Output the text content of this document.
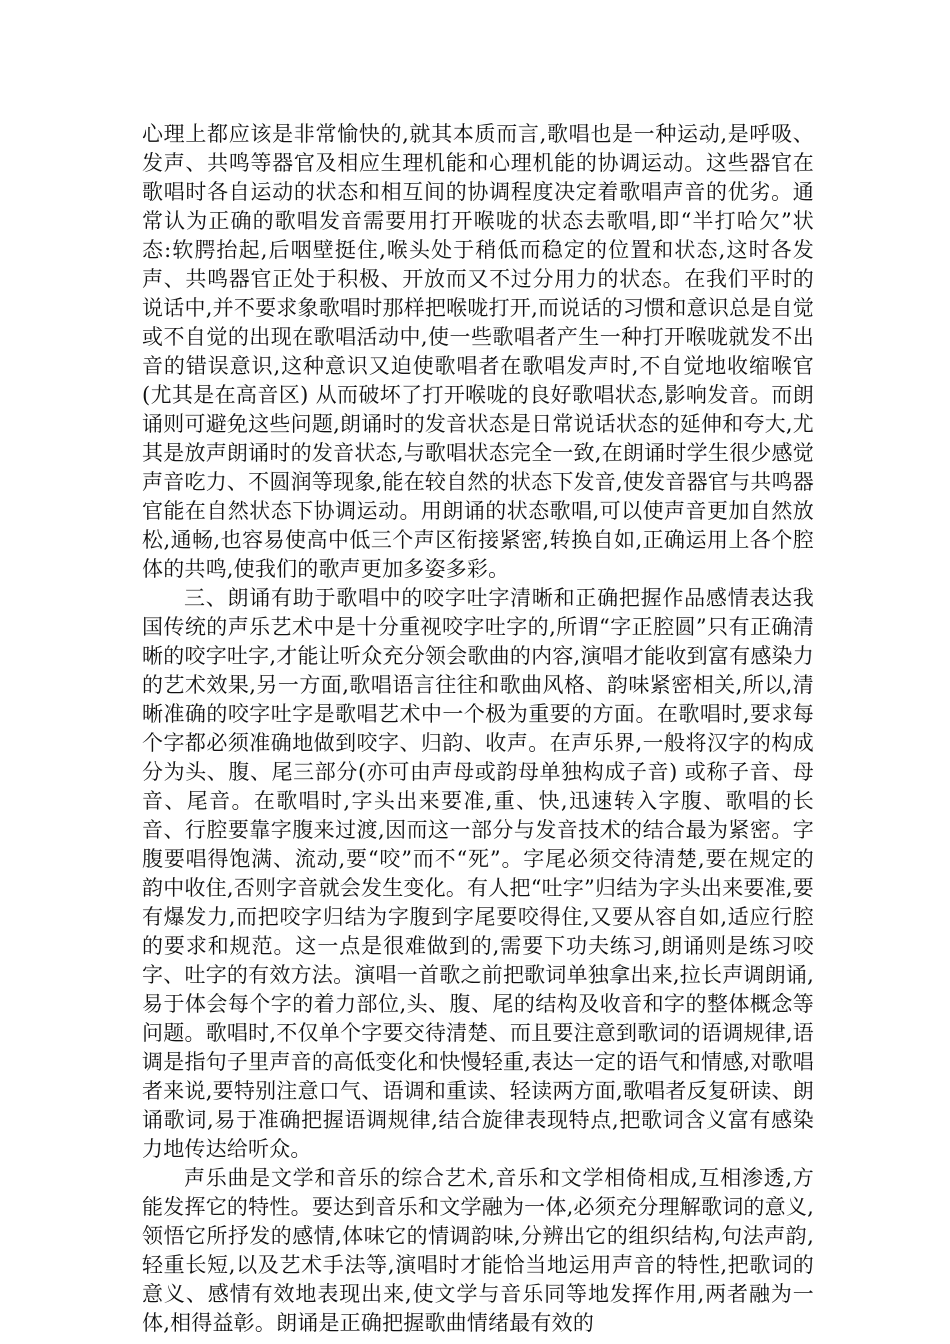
心理上都应该是非常愉快的,就其本质而言,歌唱也是一种运动,是呼吸、发声、共鸣等器官及相应生理机能和心理机能的协调运动。这些器官在歌唱时各自运动的状态和相互间的协调程度决定着歌唱声音的优劣。通常认为正确的歌唱发音需要用打开喉咙的状态去歌唱,即“半打哈欠”状态:软腭抬起,后咽壁挺住,喉头处于稍低而稳定的位置和状态,这时各发声、共鸣器官正处于积极、开放而又不过分用力的状态。在我们平时的说话中,并不要求象歌唱时那样把喉咙打开,而说话的习惯和意识总是自觉或不自觉的出现在歌唱活动中,使一些歌唱者产生一种打开喉咙就发不出音的错误意识,这种意识又迫使歌唱者在歌唱发声时,不自觉地收缩喉官(尤其是在高音区) 从而破坏了打开喉咙的良好歌唱状态,影响发音。而朗诵则可避免这些问题,朗诵时的发音状态是日常说话状态的延伸和夸大,尤其是放声朗诵时的发音状态,与歌唱状态完全一致,在朗诵时学生很少感觉声音吃力、不圆润等现象,能在较自然的状态下发音,使发音器官与共鸣器官能在自然状态下协调运动。用朗诵的状态歌唱,可以使声音更加自然放松,通畅,也容易使高中低三个声区衔接紧密,转换自如,正确运用上各个腔体的共鸣,使我们的歌声更加多姿多彩。

三、朗诵有助于歌唱中的咬字吐字清晰和正确把握作品感情表达我国传统的声乐艺术中是十分重视咬字吐字的,所谓“字正腔圆”只有正确清晰的咬字吐字,才能让听众充分领会歌曲的内容,演唱才能收到富有感染力的艺术效果,另一方面,歌唱语言往往和歌曲风格、韵味紧密相关,所以,清晰准确的咬字吐字是歌唱艺术中一个极为重要的方面。在歌唱时,要求每个字都必须准确地做到咬字、归韵、收声。在声乐界,一般将汉字的构成分为头、腹、尾三部分(亦可由声母或韵母单独构成子音) 或称子音、母音、尾音。在歌唱时,字头出来要准,重、快,迅速转入字腹、歌唱的长音、行腔要靠字腹来过渡,因而这一部分与发音技术的结合最为紧密。字腹要唱得饱满、流动,要“咬”而不“死”。字尾必须交待清楚,要在规定的韵中收住,否则字音就会发生变化。有人把“吐字”归结为字头出来要准,要有爆发力,而把咬字归结为字腹到字尾要咬得住,又要从容自如,适应行腔的要求和规范。这一点是很难做到的,需要下功夫练习,朗诵则是练习咬字、吐字的有效方法。演唱一首歌之前把歌词单独拿出来,拉长声调朗诵,易于体会每个字的着力部位,头、腹、尾的结构及收音和字的整体概念等问题。歌唱时,不仅单个字要交待清楚、而且要注意到歌词的语调规律,语调是指句子里声音的高低变化和快慢轻重,表达一定的语气和情感,对歌唱者来说,要特别注意口气、语调和重读、轻读两方面,歌唱者反复研读、朗诵歌词,易于准确把握语调规律,结合旋律表现特点,把歌词含义富有感染力地传达给听众。

声乐曲是文学和音乐的综合艺术,音乐和文学相倚相成,互相渗透,方能发挥它的特性。要达到音乐和文学融为一体,必须充分理解歌词的意义,领悟它所抒发的感情,体味它的情调韵味,分辨出它的组织结构,句法声韵,轻重长短,以及艺术手法等,演唱时才能恰当地运用声音的特性,把歌词的意义、感情有效地表现出来,使文学与音乐同等地发挥作用,两者融为一体,相得益彰。朗诵是正确把握歌曲情绪最有效的
